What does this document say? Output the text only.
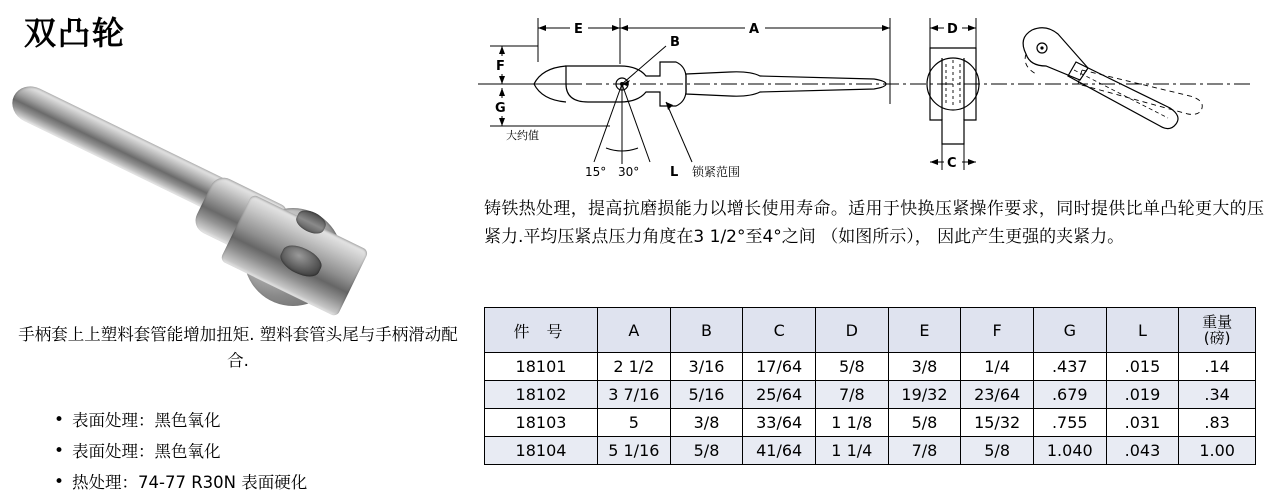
双凸轮
手柄套上上塑料套管能增加扭矩. 塑料套管头尾与手柄滑动配合.
• 表面处理：黑色氧化
• 表面处理：黑色氧化
• 热处理：74-77 R30N 表面硬化
A
E
F
G
大约值
B
15° 30° L 锁紧范围
D
C
铸铁热处理，提高抗磨损能力以增长使用寿命。适用于快换压紧操作要求，同时提供比单凸轮更大的压紧力.平均压紧点压力角度在3 1/2°至4°之间 （如图所示）， 因此产生更强的夹紧力。
件 号	A	B	C	D	E	F	G	L	重量
(磅)

18101	2 1/2	3/16	17/64	5/8	3/8	1/4	.437	.015	.14
18102	3 7/16	5/16	25/64	7/8	19/32	23/64	.679	.019	.34
18103	5	3/8	33/64	1 1/8	5/8	15/32	.755	.031	.83
18104	5 1/16	5/8	41/64	1 1/4	7/8	5/8	1.040	.043	1.00
